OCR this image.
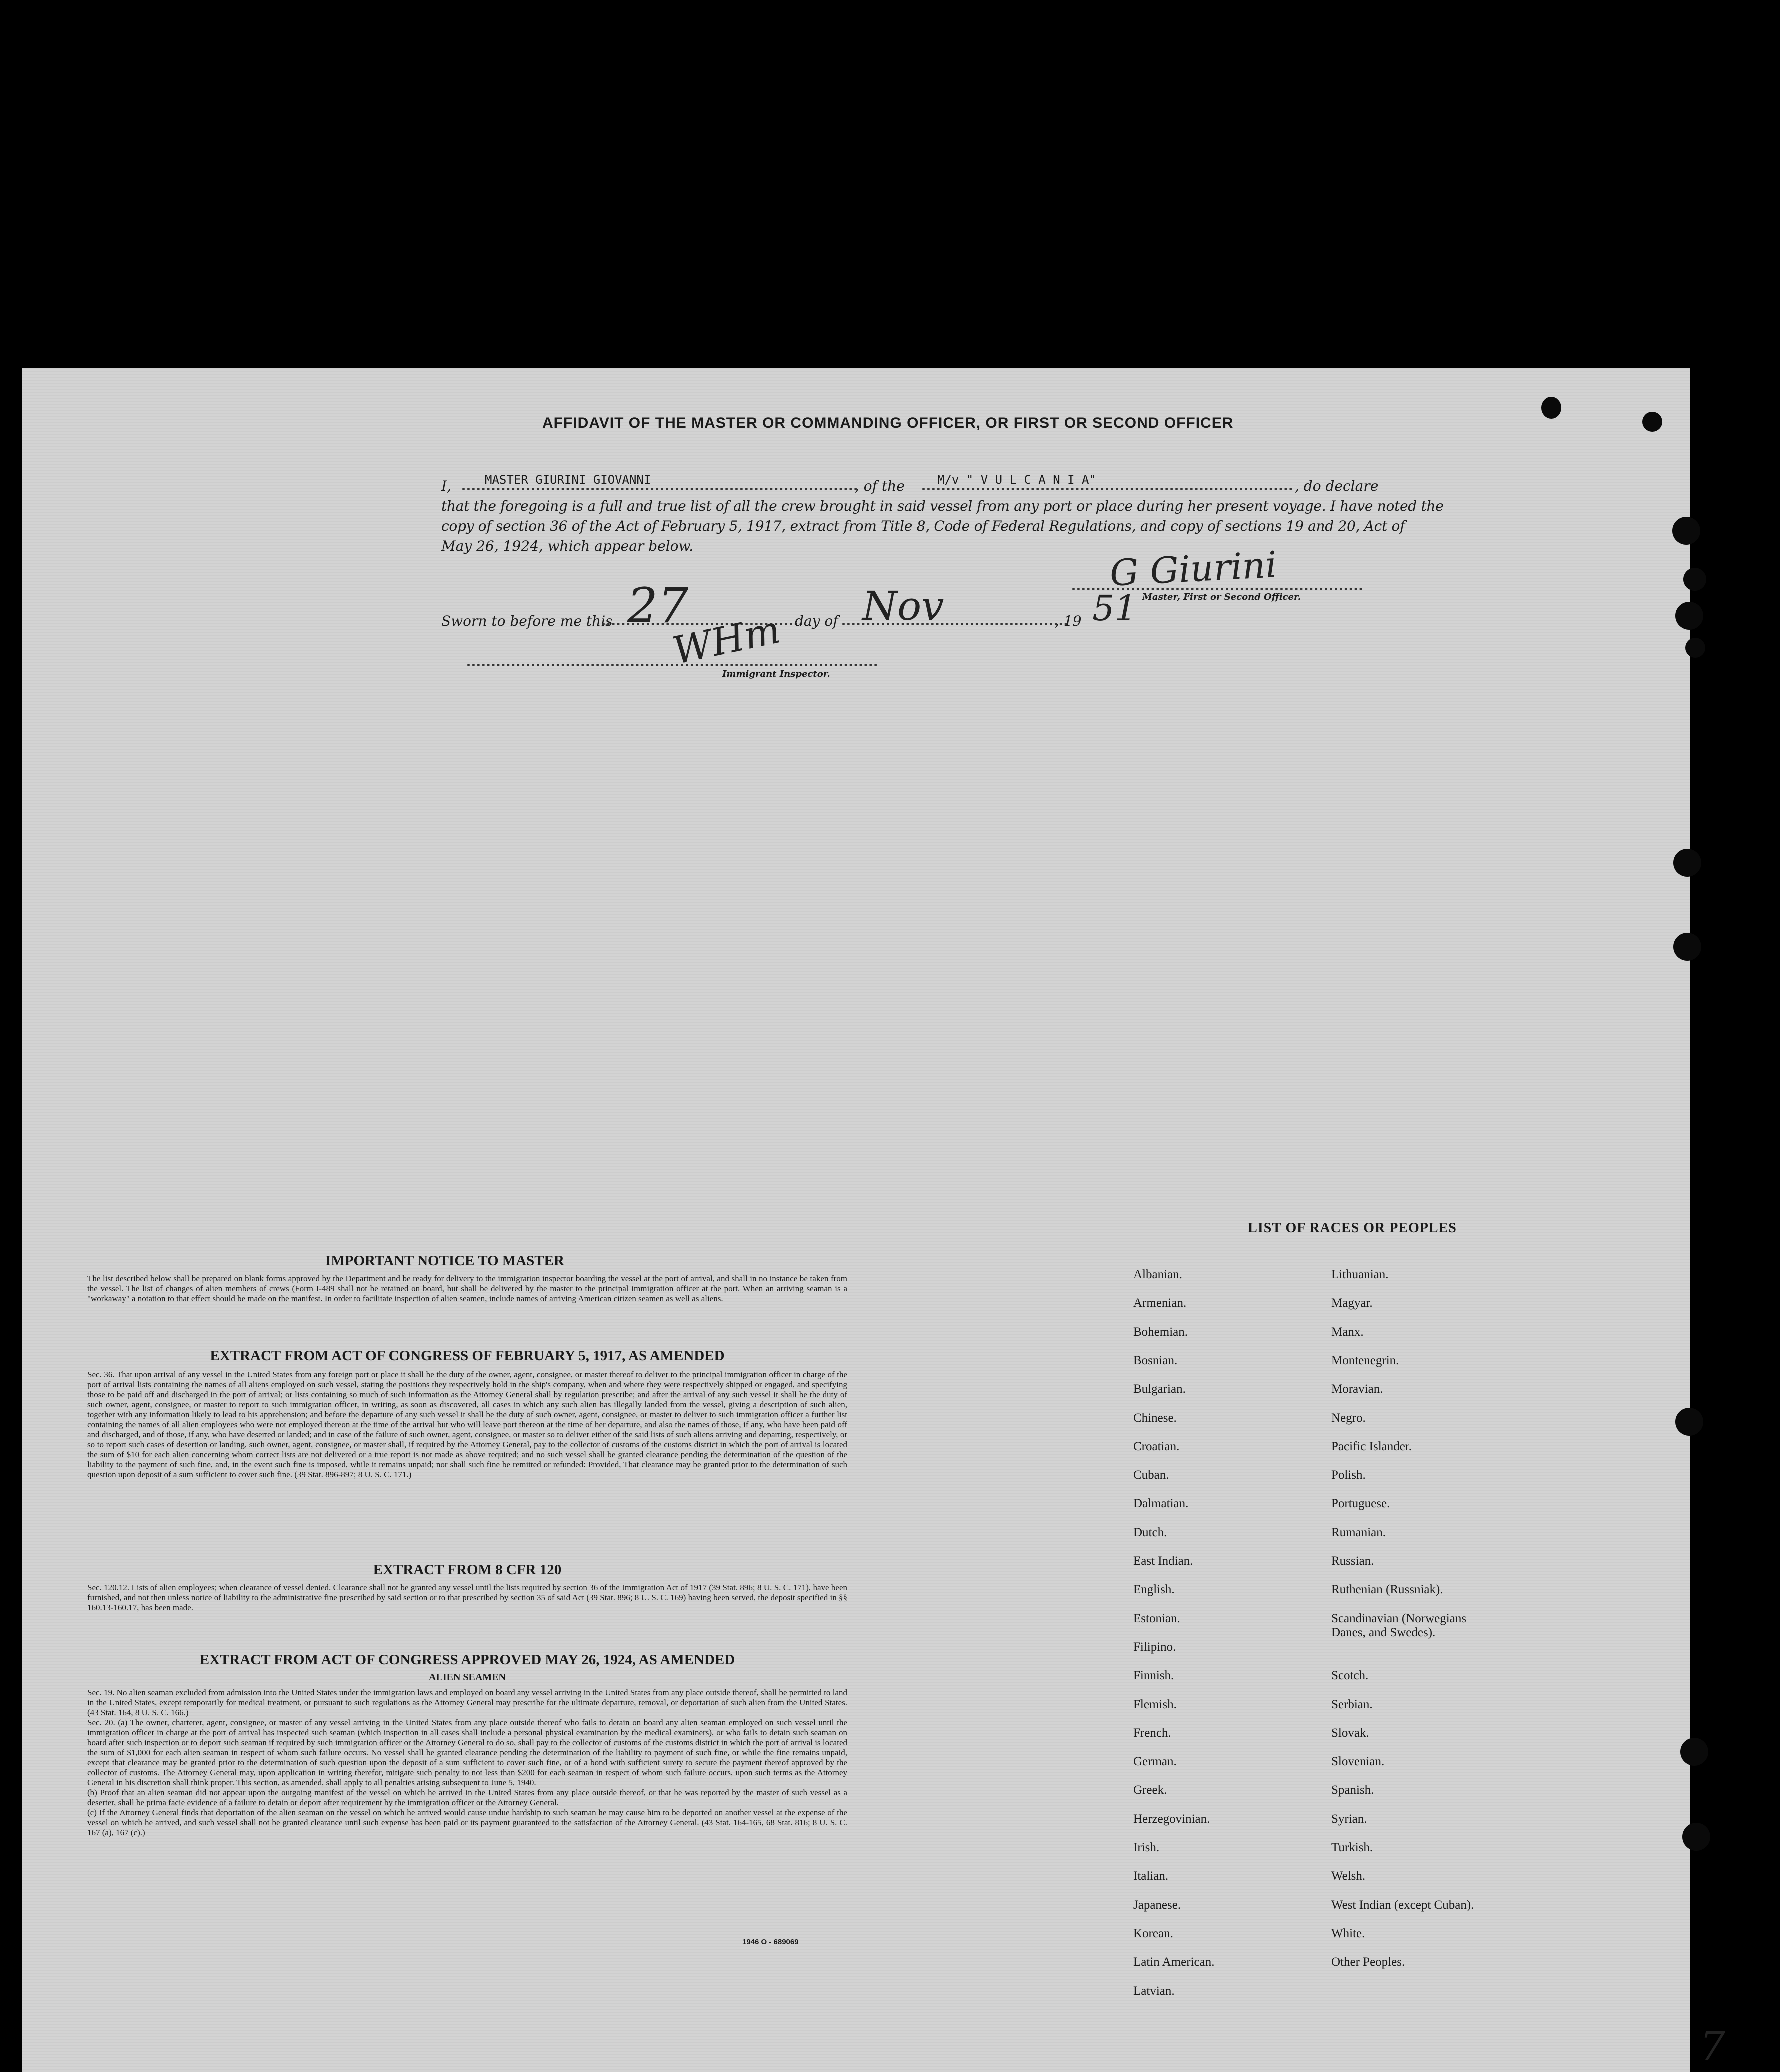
AFFIDAVIT OF THE MASTER OR COMMANDING OFFICER, OR FIRST OR SECOND OFFICER
I,	MASTER GIURINI GIOVANNI	, of the	M/v " V U L C A N I A"	, do declare
that the foregoing is a full and true list of all the crew brought in said vessel from any port or place during her present voyage. I have noted the
copy of section 36 of the Act of February 5, 1917, extract from Title 8, Code of Federal Regulations, and copy of sections 19 and 20, Act of
May 26, 1924, which appear below.
Sworn to before me this 27	day of Nov	, 19 51
G Giurini
Master, First or Second Officer.
WHm
Immigrant Inspector.
IMPORTANT NOTICE TO MASTER
The list described below shall be prepared on blank forms approved by the Department and be ready for delivery to the immigration inspector boarding the vessel at the port of arrival, and shall in no instance be taken from the vessel. The list of changes of alien members of crews (Form I-489 shall not be retained on board, but shall be delivered by the master to the principal immigration officer at the port. When an arriving seaman is a "workaway" a notation to that effect should be made on the manifest. In order to facilitate inspection of alien seamen, include names of arriving American citizen seamen as well as aliens.
EXTRACT FROM ACT OF CONGRESS OF FEBRUARY 5, 1917, AS AMENDED
Sec. 36. That upon arrival of any vessel in the United States from any foreign port or place it shall be the duty of the owner, agent, consignee, or master thereof to deliver to the principal immigration officer in charge of the port of arrival lists containing the names of all aliens employed on such vessel, stating the positions they respectively hold in the ship's company, when and where they were respectively shipped or engaged, and specifying those to be paid off and discharged in the port of arrival; or lists containing so much of such information as the Attorney General shall by regulation prescribe; and after the arrival of any such vessel it shall be the duty of such owner, agent, consignee, or master to report to such immigration officer, in writing, as soon as discovered, all cases in which any such alien has illegally landed from the vessel, giving a description of such alien, together with any information likely to lead to his apprehension; and before the departure of any such vessel it shall be the duty of such owner, agent, consignee, or master to deliver to such immigration officer a further list containing the names of all alien employees who were not employed thereon at the time of the arrival but who will leave port thereon at the time of her departure, and also the names of those, if any, who have been paid off and discharged, and of those, if any, who have deserted or landed; and in case of the failure of such owner, agent, consignee, or master so to deliver either of the said lists of such aliens arriving and departing, respectively, or so to report such cases of desertion or landing, such owner, agent, consignee, or master shall, if required by the Attorney General, pay to the collector of customs of the customs district in which the port of arrival is located the sum of $10 for each alien concerning whom correct lists are not delivered or a true report is not made as above required; and no such vessel shall be granted clearance pending the determination of the question of the liability to the payment of such fine, and, in the event such fine is imposed, while it remains unpaid; nor shall such fine be remitted or refunded: Provided, That clearance may be granted prior to the determination of such question upon deposit of a sum sufficient to cover such fine. (39 Stat. 896-897; 8 U. S. C. 171.)
EXTRACT FROM 8 CFR 120
Sec. 120.12. Lists of alien employees; when clearance of vessel denied. Clearance shall not be granted any vessel until the lists required by section 36 of the Immigration Act of 1917 (39 Stat. 896; 8 U. S. C. 171), have been furnished, and not then unless notice of liability to the administrative fine prescribed by said section or to that prescribed by section 35 of said Act (39 Stat. 896; 8 U. S. C. 169) having been served, the deposit specified in §§ 160.13-160.17, has been made.
EXTRACT FROM ACT OF CONGRESS APPROVED MAY 26, 1924, AS AMENDED
ALIEN SEAMEN
Sec. 19. No alien seaman excluded from admission into the United States under the immigration laws and employed on board any vessel arriving in the United States from any place outside thereof, shall be permitted to land in the United States, except temporarily for medical treatment, or pursuant to such regulations as the Attorney General may prescribe for the ultimate departure, removal, or deportation of such alien from the United States. (43 Stat. 164, 8 U. S. C. 166.)
Sec. 20. (a) The owner, charterer, agent, consignee, or master of any vessel arriving in the United States from any place outside thereof who fails to detain on board any alien seaman employed on such vessel until the immigration officer in charge at the port of arrival has inspected such seaman (which inspection in all cases shall include a personal physical examination by the medical examiners), or who fails to detain such seaman on board after such inspection or to deport such seaman if required by such immigration officer or the Attorney General to do so, shall pay to the collector of customs of the customs district in which the port of arrival is located the sum of $1,000 for each alien seaman in respect of whom such failure occurs. No vessel shall be granted clearance pending the determination of the liability to payment of such fine, or while the fine remains unpaid, except that clearance may be granted prior to the determination of such question upon the deposit of a sum sufficient to cover such fine, or of a bond with sufficient surety to secure the payment thereof approved by the collector of customs. The Attorney General may, upon application in writing therefor, mitigate such penalty to not less than $200 for each seaman in respect of whom such failure occurs, upon such terms as the Attorney General in his discretion shall think proper. This section, as amended, shall apply to all penalties arising subsequent to June 5, 1940.
(b) Proof that an alien seaman did not appear upon the outgoing manifest of the vessel on which he arrived in the United States from any place outside thereof, or that he was reported by the master of such vessel as a deserter, shall be prima facie evidence of a failure to detain or deport after requirement by the immigration officer or the Attorney General.
(c) If the Attorney General finds that deportation of the alien seaman on the vessel on which he arrived would cause undue hardship to such seaman he may cause him to be deported on another vessel at the expense of the vessel on which he arrived, and such vessel shall not be granted clearance until such expense has been paid or its payment guaranteed to the satisfaction of the Attorney General. (43 Stat. 164-165, 68 Stat. 816; 8 U. S. C. 167 (a), 167 (c).)
1946 O - 689069
LIST OF RACES OR PEOPLES
Albanian.
Armenian.
Bohemian.
Bosnian.
Bulgarian.
Chinese.
Croatian.
Cuban.
Dalmatian.
Dutch.
East Indian.
English.
Estonian.
Filipino.
Finnish.
Flemish.
French.
German.
Greek.
Herzegovinian.
Irish.
Italian.
Japanese.
Korean.
Latin American.
Latvian.
Lithuanian.
Magyar.
Manx.
Montenegrin.
Moravian.
Negro.
Pacific Islander.
Polish.
Portuguese.
Rumanian.
Russian.
Ruthenian (Russniak).
Scandinavian (Norwegians
Danes, and Swedes).
Scotch.
Serbian.
Slovak.
Slovenian.
Spanish.
Syrian.
Turkish.
Welsh.
West Indian (except Cuban).
White.
Other Peoples.
7
